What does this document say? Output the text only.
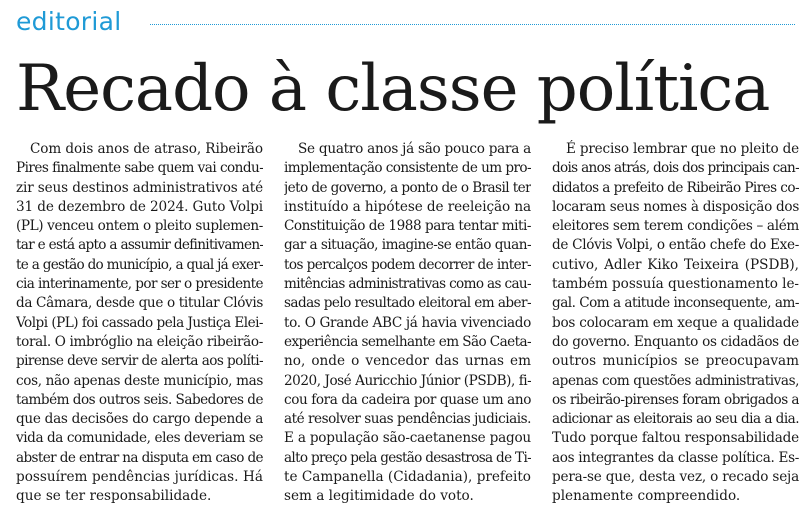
editorial
Recado à classe política
Com dois anos de atraso, Ribeirão
Pires finalmente sabe quem vai condu-
zir seus destinos administrativos até
31 de dezembro de 2024. Guto Volpi
(PL) venceu ontem o pleito suplemen-
tar e está apto a assumir definitivamen-
te a gestão do município, a qual já exer-
cia interinamente, por ser o presidente
da Câmara, desde que o titular Clóvis
Volpi (PL) foi cassado pela Justiça Elei-
toral. O imbróglio na eleição ribeirão-
pirense deve servir de alerta aos políti-
cos, não apenas deste município, mas
também dos outros seis. Sabedores de
que das decisões do cargo depende a
vida da comunidade, eles deveriam se
abster de entrar na disputa em caso de
possuírem pendências jurídicas. Há
que se ter responsabilidade.
Se quatro anos já são pouco para a
implementação consistente de um pro-
jeto de governo, a ponto de o Brasil ter
instituído a hipótese de reeleição na
Constituição de 1988 para tentar miti-
gar a situação, imagine-se então quan-
tos percalços podem decorrer de inter-
mitências administrativas como as cau-
sadas pelo resultado eleitoral em aber-
to. O Grande ABC já havia vivenciado
experiência semelhante em São Caeta-
no, onde o vencedor das urnas em
2020, José Auricchio Júnior (PSDB), fi-
cou fora da cadeira por quase um ano
até resolver suas pendências judiciais.
E a população são-caetanense pagou
alto preço pela gestão desastrosa de Ti-
te Campanella (Cidadania), prefeito
sem a legitimidade do voto.
É preciso lembrar que no pleito de
dois anos atrás, dois dos principais can-
didatos a prefeito de Ribeirão Pires co-
locaram seus nomes à disposição dos
eleitores sem terem condições – além
de Clóvis Volpi, o então chefe do Exe-
cutivo, Adler Kiko Teixeira (PSDB),
também possuía questionamento le-
gal. Com a atitude inconsequente, am-
bos colocaram em xeque a qualidade
do governo. Enquanto os cidadãos de
outros municípios se preocupavam
apenas com questões administrativas,
os ribeirão-pirenses foram obrigados a
adicionar as eleitorais ao seu dia a dia.
Tudo porque faltou responsabilidade
aos integrantes da classe política. Es-
pera-se que, desta vez, o recado seja
plenamente compreendido.
